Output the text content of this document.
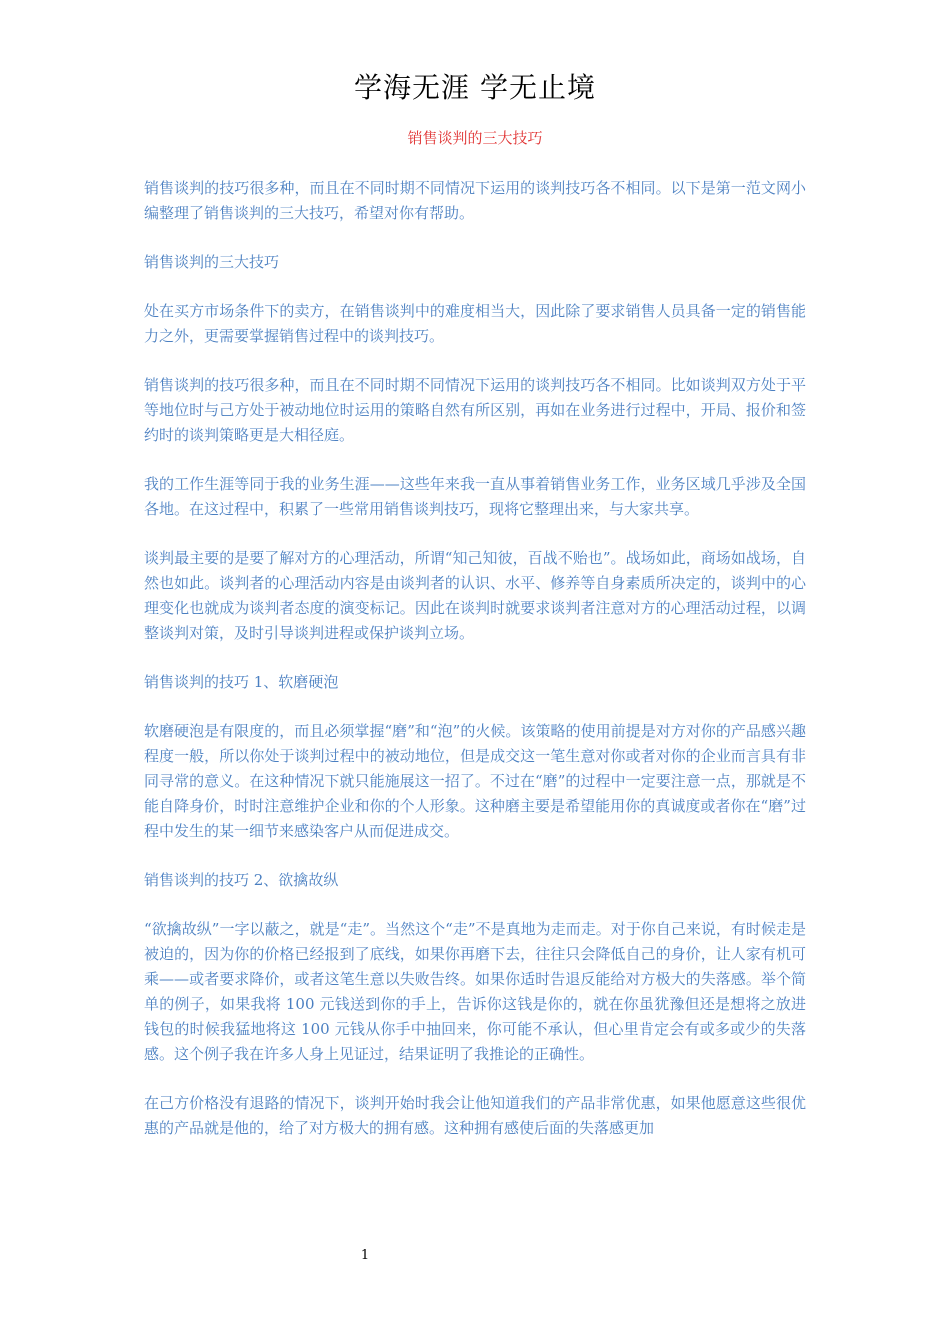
学海无涯 学无止境
销售谈判的三大技巧

销售谈判的技巧很多种，而且在不同时期不同情况下运用的谈判技巧各不相同。以下是第一范文网小编整理了销售谈判的三大技巧，希望对你有帮助。

销售谈判的三大技巧

处在买方市场条件下的卖方，在销售谈判中的难度相当大，因此除了要求销售人员具备一定的销售能力之外，更需要掌握销售过程中的谈判技巧。

销售谈判的技巧很多种，而且在不同时期不同情况下运用的谈判技巧各不相同。比如谈判双方处于平等地位时与己方处于被动地位时运用的策略自然有所区别，再如在业务进行过程中，开局、报价和签约时的谈判策略更是大相径庭。

我的工作生涯等同于我的业务生涯——这些年来我一直从事着销售业务工作，业务区域几乎涉及全国各地。在这过程中，积累了一些常用销售谈判技巧，现将它整理出来，与大家共享。

谈判最主要的是要了解对方的心理活动，所谓“知己知彼，百战不贻也”。战场如此，商场如战场，自然也如此。谈判者的心理活动内容是由谈判者的认识、水平、修养等自身素质所决定的，谈判中的心理变化也就成为谈判者态度的演变标记。因此在谈判时就要求谈判者注意对方的心理活动过程，以调整谈判对策，及时引导谈判进程或保护谈判立场。

销售谈判的技巧 1、软磨硬泡

软磨硬泡是有限度的，而且必须掌握“磨”和“泡”的火候。该策略的使用前提是对方对你的产品感兴趣程度一般，所以你处于谈判过程中的被动地位，但是成交这一笔生意对你或者对你的企业而言具有非同寻常的意义。在这种情况下就只能施展这一招了。不过在“磨”的过程中一定要注意一点，那就是不能自降身价，时时注意维护企业和你的个人形象。这种磨主要是希望能用你的真诚度或者你在“磨”过程中发生的某一细节来感染客户从而促进成交。

销售谈判的技巧 2、欲擒故纵

“欲擒故纵”一字以蔽之，就是“走”。当然这个“走”不是真地为走而走。对于你自己来说，有时候走是被迫的，因为你的价格已经报到了底线，如果你再磨下去，往往只会降低自己的身价，让人家有机可乘——或者要求降价，或者这笔生意以失败告终。如果你适时告退反能给对方极大的失落感。举个简单的例子，如果我将 100 元钱送到你的手上，告诉你这钱是你的，就在你虽犹豫但还是想将之放进钱包的时候我猛地将这 100 元钱从你手中抽回来，你可能不承认，但心里肯定会有或多或少的失落感。这个例子我在许多人身上见证过，结果证明了我推论的正确性。

在己方价格没有退路的情况下，谈判开始时我会让他知道我们的产品非常优惠，如果他愿意这些很优惠的产品就是他的，给了对方极大的拥有感。这种拥有感使后面的失落感更加

1
